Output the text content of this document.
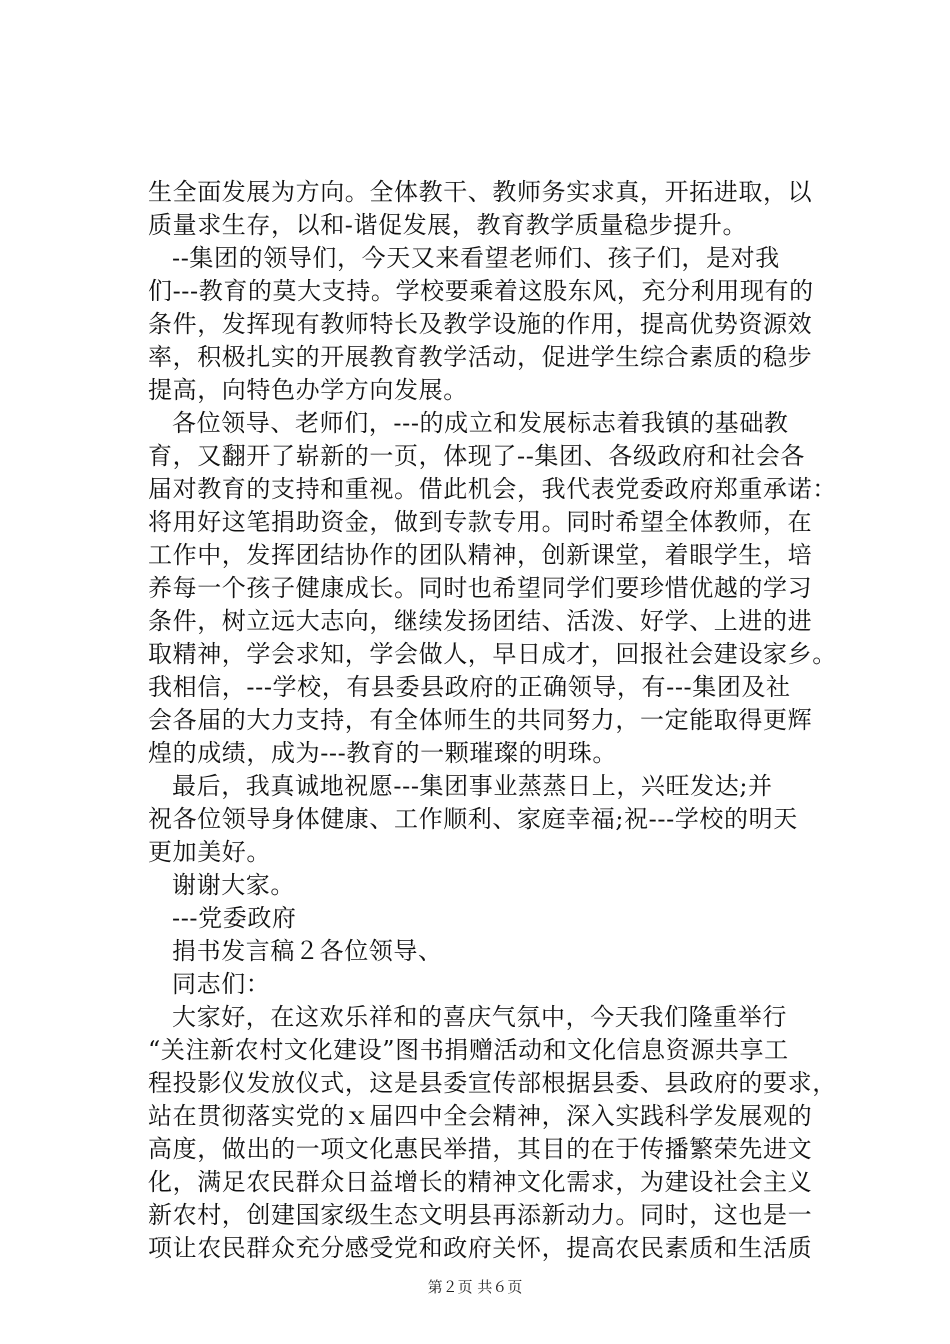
生全面发展为方向。全体教干、教师务实求真，开拓进取，以
质量求生存，以和-谐促发展，教育教学质量稳步提升。
--集团的领导们，今天又来看望老师们、孩子们，是对我
们---教育的莫大支持。学校要乘着这股东风，充分利用现有的
条件，发挥现有教师特长及教学设施的作用，提高优势资源效
率，积极扎实的开展教育教学活动，促进学生综合素质的稳步
提高，向特色办学方向发展。
各位领导、老师们，---的成立和发展标志着我镇的基础教
育，又翻开了崭新的一页，体现了--集团、各级政府和社会各
届对教育的支持和重视。借此机会，我代表党委政府郑重承诺：
将用好这笔捐助资金，做到专款专用。同时希望全体教师，在
工作中，发挥团结协作的团队精神，创新课堂，着眼学生，培
养每一个孩子健康成长。同时也希望同学们要珍惜优越的学习
条件，树立远大志向，继续发扬团结、活泼、好学、上进的进
取精神，学会求知，学会做人，早日成才，回报社会建设家乡。
我相信，---学校，有县委县政府的正确领导，有---集团及社
会各届的大力支持，有全体师生的共同努力，一定能取得更辉
煌的成绩，成为---教育的一颗璀璨的明珠。
最后，我真诚地祝愿---集团事业蒸蒸日上，兴旺发达;并
祝各位领导身体健康、工作顺利、家庭幸福;祝---学校的明天
更加美好。
谢谢大家。
---党委政府
捐书发言稿２各位领导、
同志们：
大家好，在这欢乐祥和的喜庆气氛中，今天我们隆重举行
“关注新农村文化建设”图书捐赠活动和文化信息资源共享工
程投影仪发放仪式，这是县委宣传部根据县委、县政府的要求，
站在贯彻落实党的ｘ届四中全会精神，深入实践科学发展观的
高度，做出的一项文化惠民举措，其目的在于传播繁荣先进文
化，满足农民群众日益增长的精神文化需求，为建设社会主义
新农村，创建国家级生态文明县再添新动力。同时，这也是一
项让农民群众充分感受党和政府关怀，提高农民素质和生活质
第２页 共６页
